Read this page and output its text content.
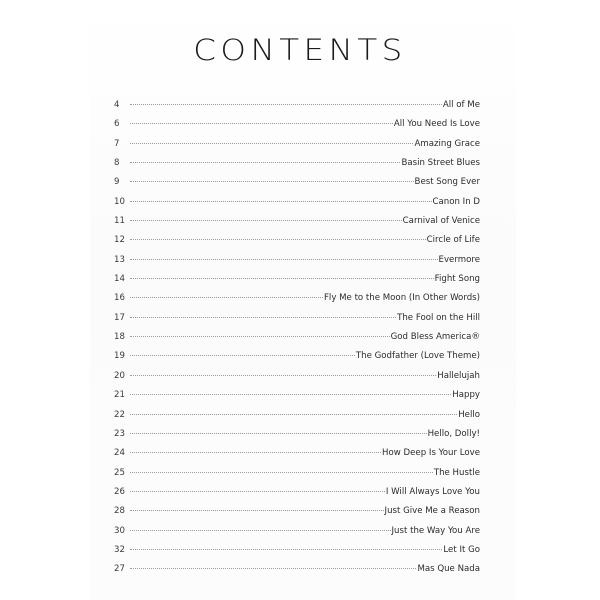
CONTENTS
4	All of Me
6	All You Need Is Love
7	Amazing Grace
8	Basin Street Blues
9	Best Song Ever
10	Canon In D
11	Carnival of Venice
12	Circle of Life
13	Evermore
14	Fight Song
16	Fly Me to the Moon (In Other Words)
17	The Fool on the Hill
18	God Bless America®
19	The Godfather (Love Theme)
20	Hallelujah
21	Happy
22	Hello
23	Hello, Dolly!
24	How Deep Is Your Love
25	The Hustle
26	I Will Always Love You
28	Just Give Me a Reason
30	Just the Way You Are
32	Let It Go
27	Mas Que Nada
